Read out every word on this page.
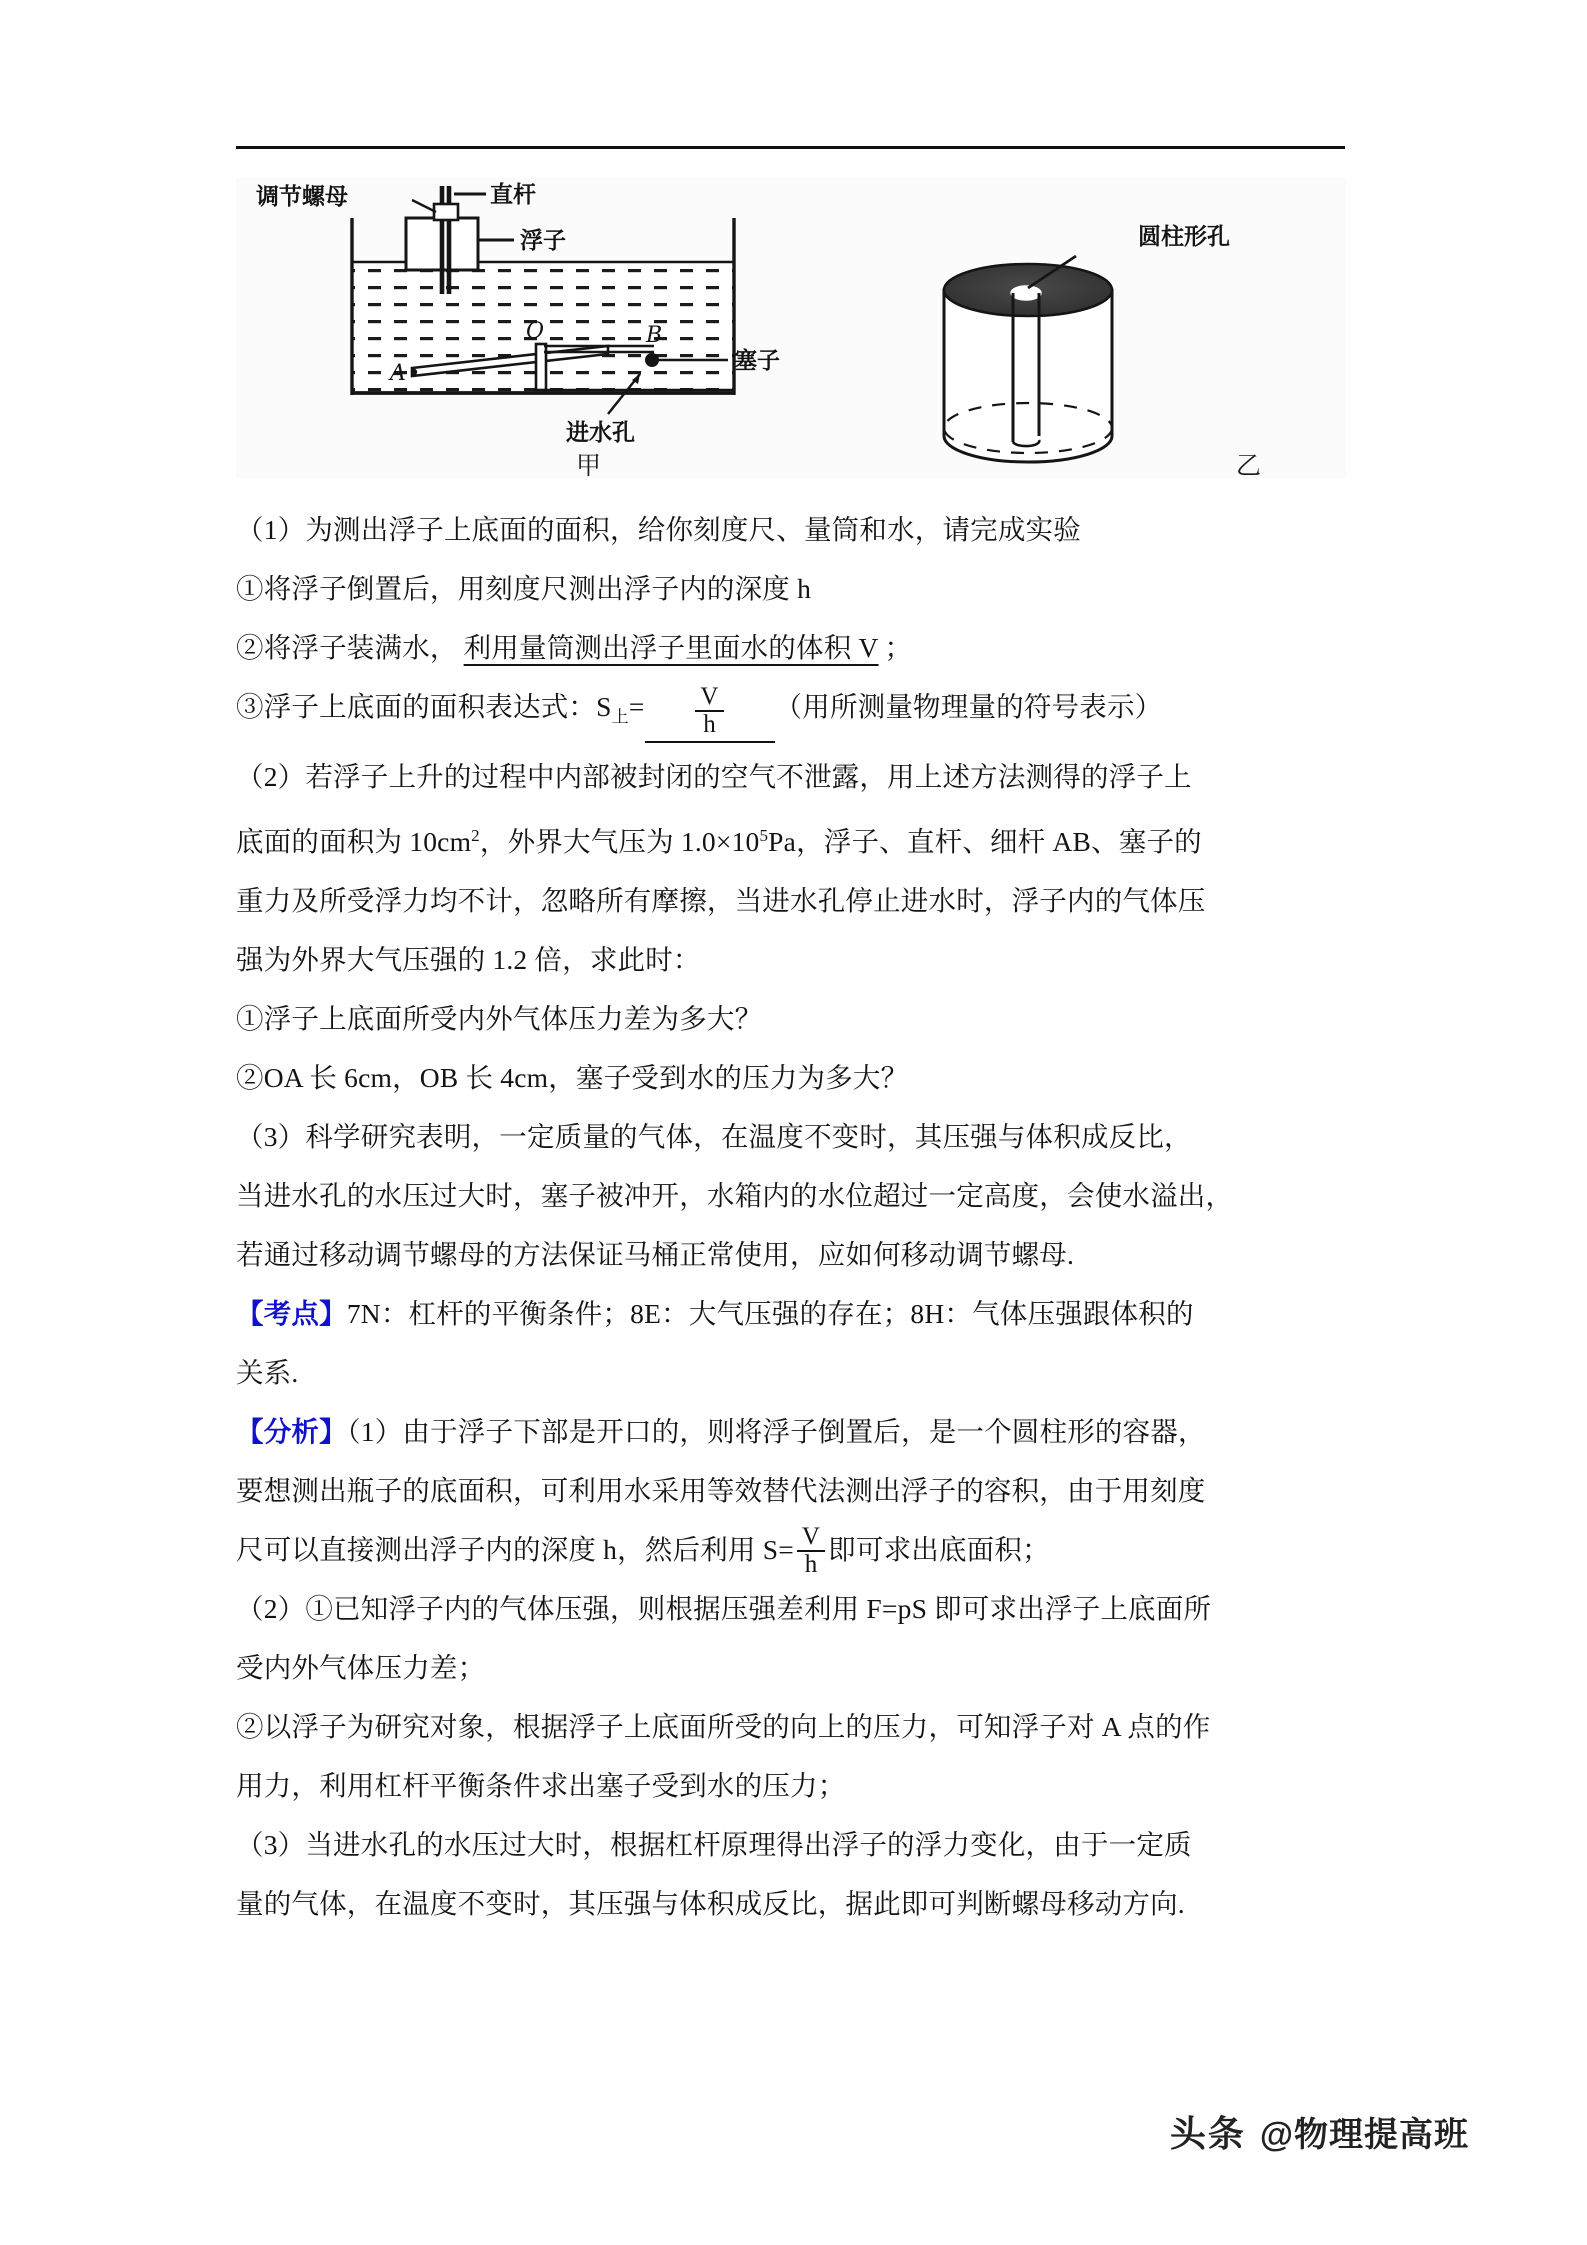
调节螺母	直杆
浮子
塞子
进水孔
圆柱形孔
A
O	B
甲	乙

（1）为测出浮子上底面的面积，给你刻度尺、量筒和水，请完成实验

①将浮子倒置后，用刻度尺测出浮子内的深度 h

②将浮子装满水， 利用量筒测出浮子里面水的体积 V ；

③浮子上底面的面积表达式：$S_上= \frac{V}{h}$ （用所测量物理量的符号表示）

（2）若浮子上升的过程中内部被封闭的空气不泄露，用上述方法测得的浮子上

底面的面积为 $10cm^2$，外界大气压为 $1.0\times 10^5Pa$，浮子、直杆、细杆 AB、塞子的

重力及所受浮力均不计，忽略所有摩擦，当进水孔停止进水时，浮子内的气体压

强为外界大气压强的 1.2 倍，求此时：

①浮子上底面所受内外气体压力差为多大？

②OA 长 6cm，OB 长 4cm，塞子受到水的压力为多大？

（3）科学研究表明，一定质量的气体，在温度不变时，其压强与体积成反比，

当进水孔的水压过大时，塞子被冲开，水箱内的水位超过一定高度，会使水溢出，

若通过移动调节螺母的方法保证马桶正常使用，应如何移动调节螺母.

【考点】7N：杠杆的平衡条件；8E：大气压强的存在；8H：气体压强跟体积的

关系.

【分析】（1）由于浮子下部是开口的，则将浮子倒置后，是一个圆柱形的容器，

要想测出瓶子的底面积，可利用水采用等效替代法测出浮子的容积，由于用刻度

尺可以直接测出浮子内的深度 h，然后利用 $S= \frac{V}{h}$ 即可求出底面积；

（2）①已知浮子内的气体压强，则根据压强差利用 F=pS 即可求出浮子上底面所

受内外气体压力差；

②以浮子为研究对象，根据浮子上底面所受的向上的压力，可知浮子对 A 点的作

用力，利用杠杆平衡条件求出塞子受到水的压力；

（3）当进水孔的水压过大时，根据杠杆原理得出浮子的浮力变化，由于一定质

量的气体，在温度不变时，其压强与体积成反比，据此即可判断螺母移动方向.

头条 @物理提高班
